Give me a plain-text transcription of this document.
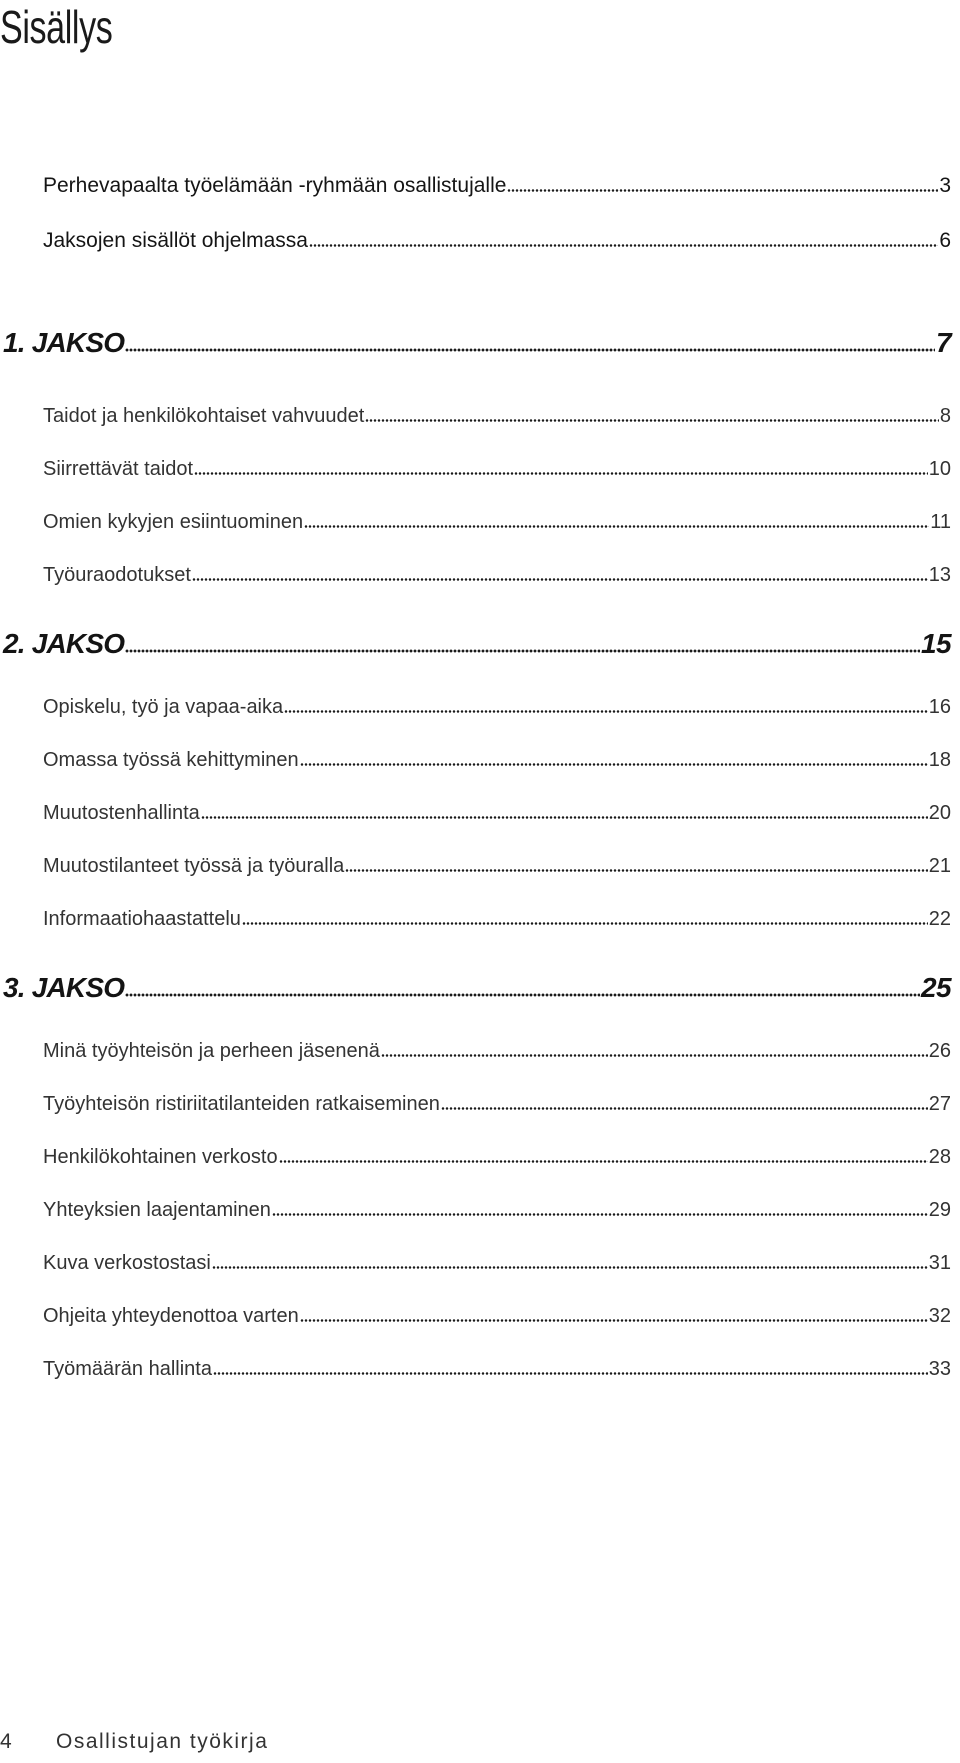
Sisällys
Perhevapaalta työelämään -ryhmään osallistujalle	3
Jaksojen sisällöt ohjelmassa	6
1. JAKSO	7
Taidot ja henkilökohtaiset vahvuudet	8
Siirrettävät taidot	10
Omien kykyjen esiintuominen	11
Työuraodotukset	13
2. JAKSO	15
Opiskelu, työ ja vapaa-aika	16
Omassa työssä kehittyminen	18
Muutostenhallinta	20
Muutostilanteet työssä ja työuralla	21
Informaatiohaastattelu	22
3. JAKSO	25
Minä työyhteisön ja perheen jäsenenä	26
Työyhteisön ristiriitatilanteiden ratkaiseminen	27
Henkilökohtainen verkosto	28
Yhteyksien laajentaminen	29
Kuva verkostostasi	31
Ohjeita yhteydenottoa varten	32
Työmäärän hallinta	33
4 Osallistujan työkirja
